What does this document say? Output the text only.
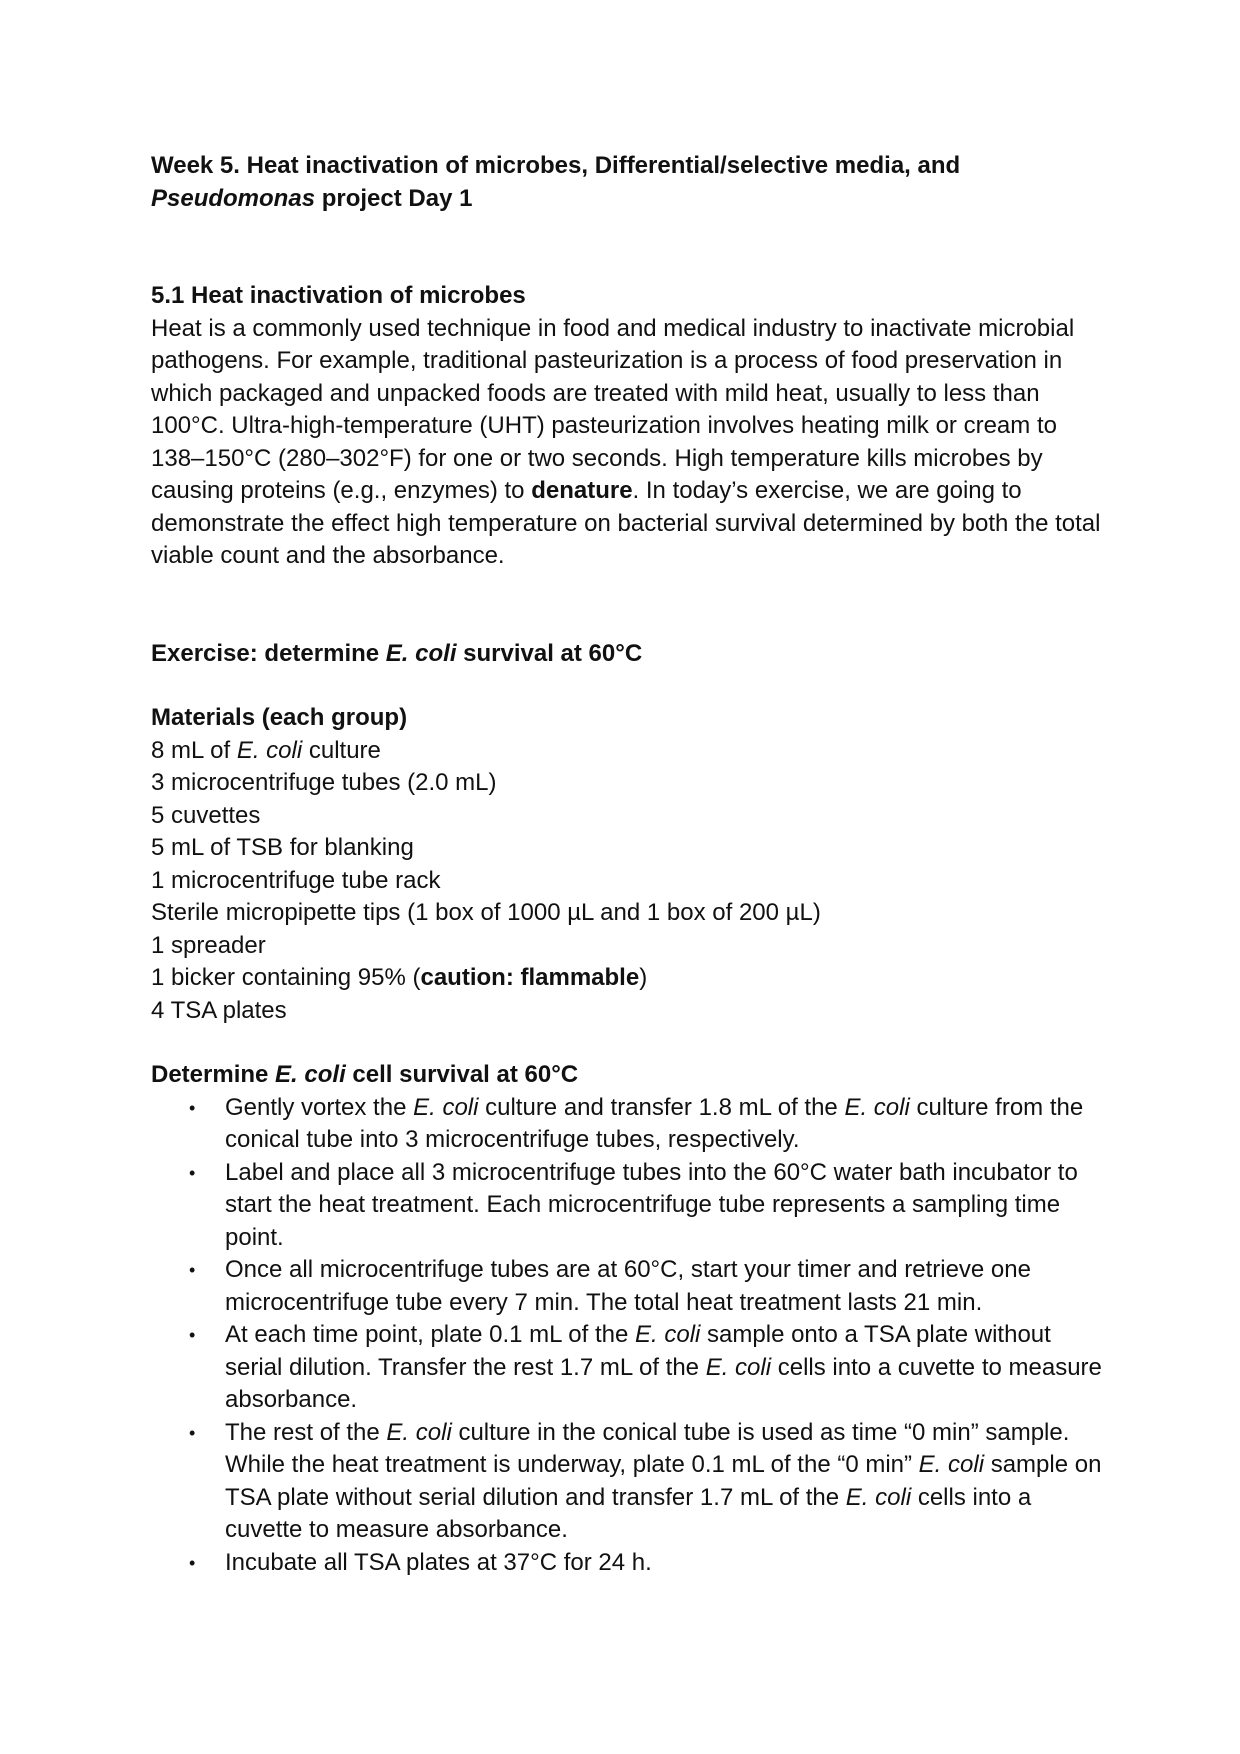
Week 5. Heat inactivation of microbes, Differential/selective media, and
Pseudomonas project Day 1
5.1 Heat inactivation of microbes

Heat is a commonly used technique in food and medical industry to inactivate microbial pathogens. For example, traditional pasteurization is a process of food preservation in which packaged and unpacked foods are treated with mild heat, usually to less than 100°C. Ultra-high-temperature (UHT) pasteurization involves heating milk or cream to 138–150°C (280–302°F) for one or two seconds. High temperature kills microbes by causing proteins (e.g., enzymes) to denature. In today’s exercise, we are going to demonstrate the effect high temperature on bacterial survival determined by both the total viable count and the absorbance.

Exercise: determine E. coli survival at 60°C
Materials (each group)
8 mL of E. coli culture
3 microcentrifuge tubes (2.0 mL)
5 cuvettes
5 mL of TSB for blanking
1 microcentrifuge tube rack
Sterile micropipette tips (1 box of 1000 µL and 1 box of 200 µL)
1 spreader
1 bicker containing 95% (caution: flammable)
4 TSA plates
Determine E. coli cell survival at 60°C
• Gently vortex the E. coli culture and transfer 1.8 mL of the E. coli culture from the conical tube into 3 microcentrifuge tubes, respectively.
• Label and place all 3 microcentrifuge tubes into the 60°C water bath incubator to start the heat treatment. Each microcentrifuge tube represents a sampling time point.
• Once all microcentrifuge tubes are at 60°C, start your timer and retrieve one microcentrifuge tube every 7 min. The total heat treatment lasts 21 min.
• At each time point, plate 0.1 mL of the E. coli sample onto a TSA plate without serial dilution. Transfer the rest 1.7 mL of the E. coli cells into a cuvette to measure absorbance.
• The rest of the E. coli culture in the conical tube is used as time “0 min” sample. While the heat treatment is underway, plate 0.1 mL of the “0 min” E. coli sample on TSA plate without serial dilution and transfer 1.7 mL of the E. coli cells into a cuvette to measure absorbance.
• Incubate all TSA plates at 37°C for 24 h.
